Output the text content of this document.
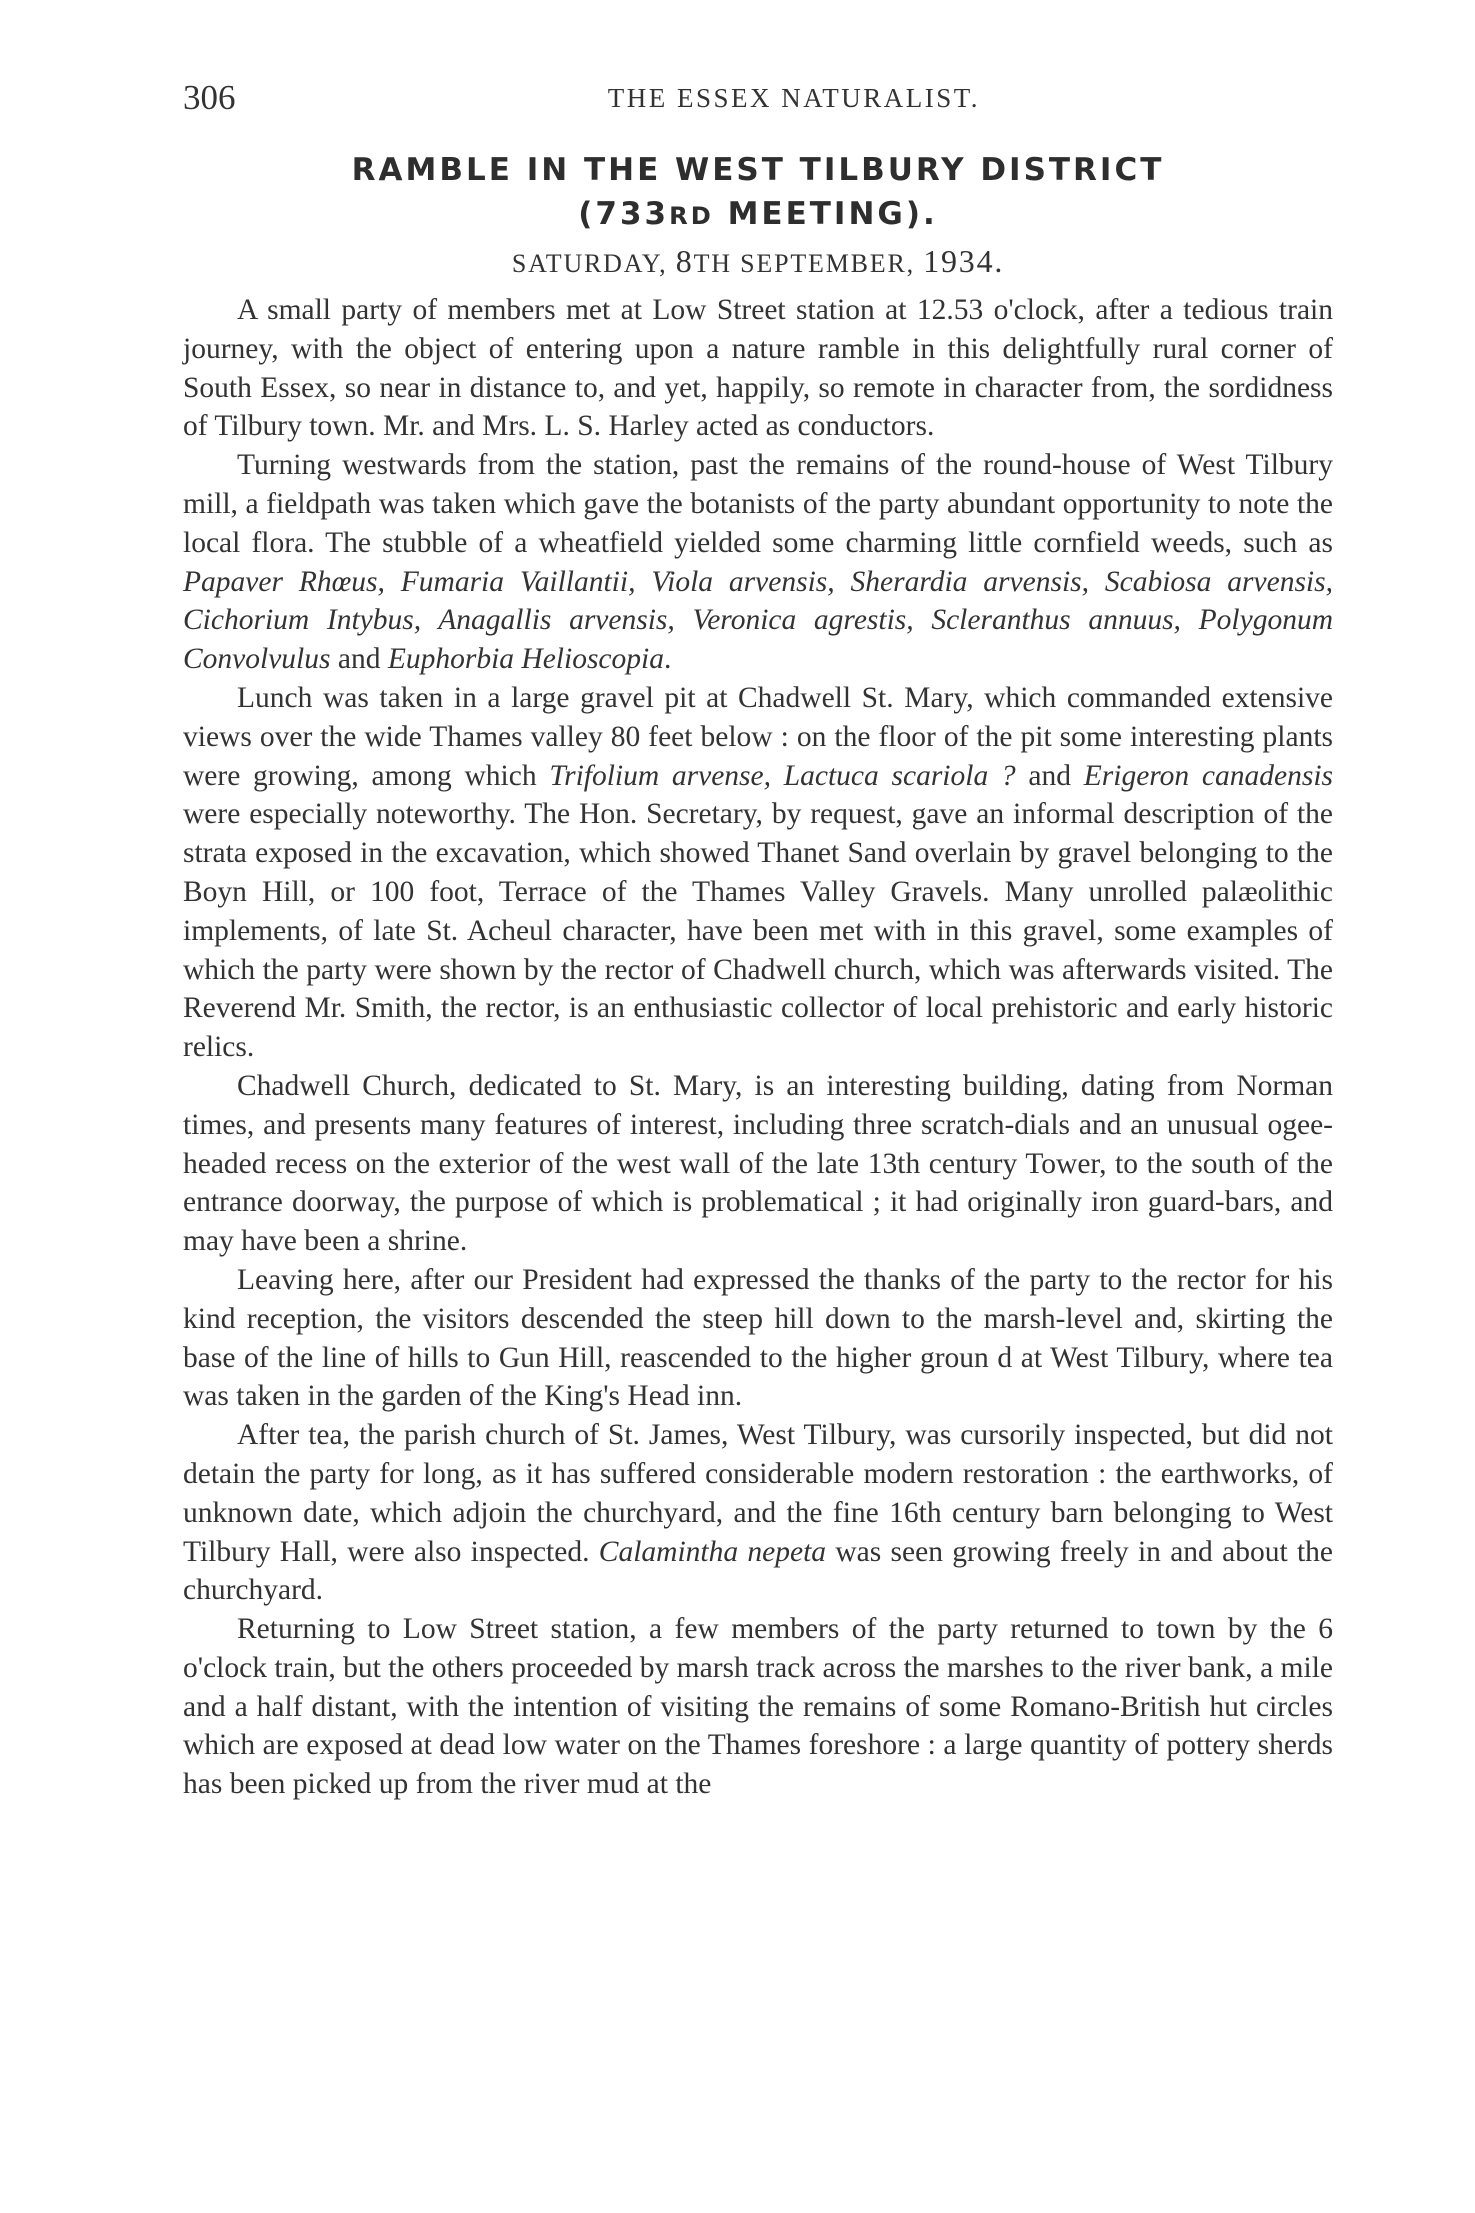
306	THE ESSEX NATURALIST.
RAMBLE IN THE WEST TILBURY DISTRICT
(733RD MEETING).
SATURDAY, 8TH SEPTEMBER, 1934.

A small party of members met at Low Street station at 12.53 o'clock, after a tedious train journey, with the object of entering upon a nature ramble in this delightfully rural corner of South Essex, so near in distance to, and yet, happily, so remote in character from, the sordidness of Tilbury town. Mr. and Mrs. L. S. Harley acted as conductors.

Turning westwards from the station, past the remains of the round-house of West Tilbury mill, a fieldpath was taken which gave the botanists of the party abundant opportunity to note the local flora. The stubble of a wheatfield yielded some charming little cornfield weeds, such as Papaver Rhœus, Fumaria Vaillantii, Viola arvensis, Sherardia arvensis, Scabiosa arvensis, Cichorium Intybus, Anagallis arvensis, Veronica agrestis, Scleranthus annuus, Polygonum Convolvulus and Euphorbia Helioscopia.

Lunch was taken in a large gravel pit at Chadwell St. Mary, which commanded extensive views over the wide Thames valley 80 feet below : on the floor of the pit some interesting plants were growing, among which Trifolium arvense, Lactuca scariola ? and Erigeron canadensis were especially noteworthy. The Hon. Secretary, by request, gave an informal description of the strata exposed in the excavation, which showed Thanet Sand overlain by gravel belonging to the Boyn Hill, or 100 foot, Terrace of the Thames Valley Gravels. Many unrolled palæolithic implements, of late St. Acheul character, have been met with in this gravel, some examples of which the party were shown by the rector of Chadwell church, which was afterwards visited. The Reverend Mr. Smith, the rector, is an enthusiastic collector of local prehistoric and early historic relics.

Chadwell Church, dedicated to St. Mary, is an interesting building, dating from Norman times, and presents many features of interest, including three scratch-dials and an unusual ogee-headed recess on the exterior of the west wall of the late 13th century Tower, to the south of the entrance doorway, the purpose of which is problematical ; it had originally iron guard-bars, and may have been a shrine.

Leaving here, after our President had expressed the thanks of the party to the rector for his kind reception, the visitors descended the steep hill down to the marsh-level and, skirting the base of the line of hills to Gun Hill, reascended to the higher groun d at West Tilbury, where tea was taken in the garden of the King's Head inn.

After tea, the parish church of St. James, West Tilbury, was cursorily inspected, but did not detain the party for long, as it has suffered considerable modern restoration : the earthworks, of unknown date, which adjoin the churchyard, and the fine 16th century barn belonging to West Tilbury Hall, were also inspected. Calamintha nepeta was seen growing freely in and about the churchyard.

Returning to Low Street station, a few members of the party returned to town by the 6 o'clock train, but the others proceeded by marsh track across the marshes to the river bank, a mile and a half distant, with the intention of visiting the remains of some Romano-British hut circles which are exposed at dead low water on the Thames foreshore : a large quantity of pottery sherds has been picked up from the river mud at the
